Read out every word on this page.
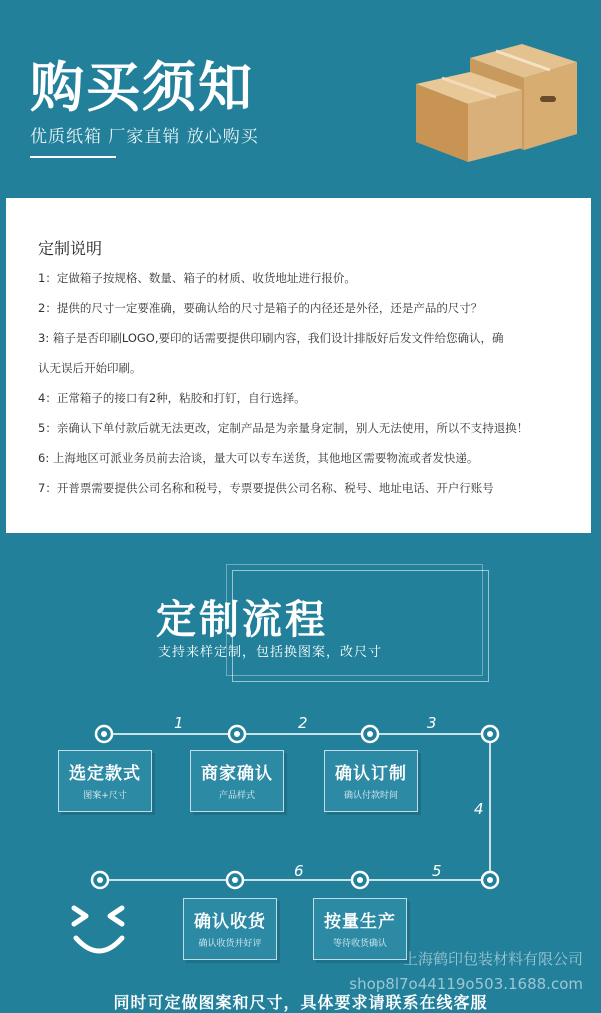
购买须知
优质纸箱 厂家直销 放心购买
定制说明
1：定做箱子按规格、数量、箱子的材质、收货地址进行报价。
2：提供的尺寸一定要准确，要确认给的尺寸是箱子的内径还是外径，还是产品的尺寸？
3: 箱子是否印刷LOGO,要印的话需要提供印刷内容，我们设计排版好后发文件给您确认，确
认无误后开始印刷。
4：正常箱子的接口有2种，粘胶和打钉，自行选择。
5：亲确认下单付款后就无法更改，定制产品是为亲量身定制，别人无法使用，所以不支持退换！
6: 上海地区可派业务员前去洽谈，量大可以专车送货，其他地区需要物流或者发快递。
7：开普票需要提供公司名称和税号，专票要提供公司名称、税号、地址电话、开户行账号
定制流程
支持来样定制，包括换图案，改尺寸
1	2	3
4
5
6
选定款式
图案+尺寸
商家确认
产品样式
确认订制
确认付款时间
确认收货
确认收货并好评
按量生产
等待收货确认
上海鹤印包装材料有限公司
shop8l7o44119o503.1688.com
同时可定做图案和尺寸，具体要求请联系在线客服
